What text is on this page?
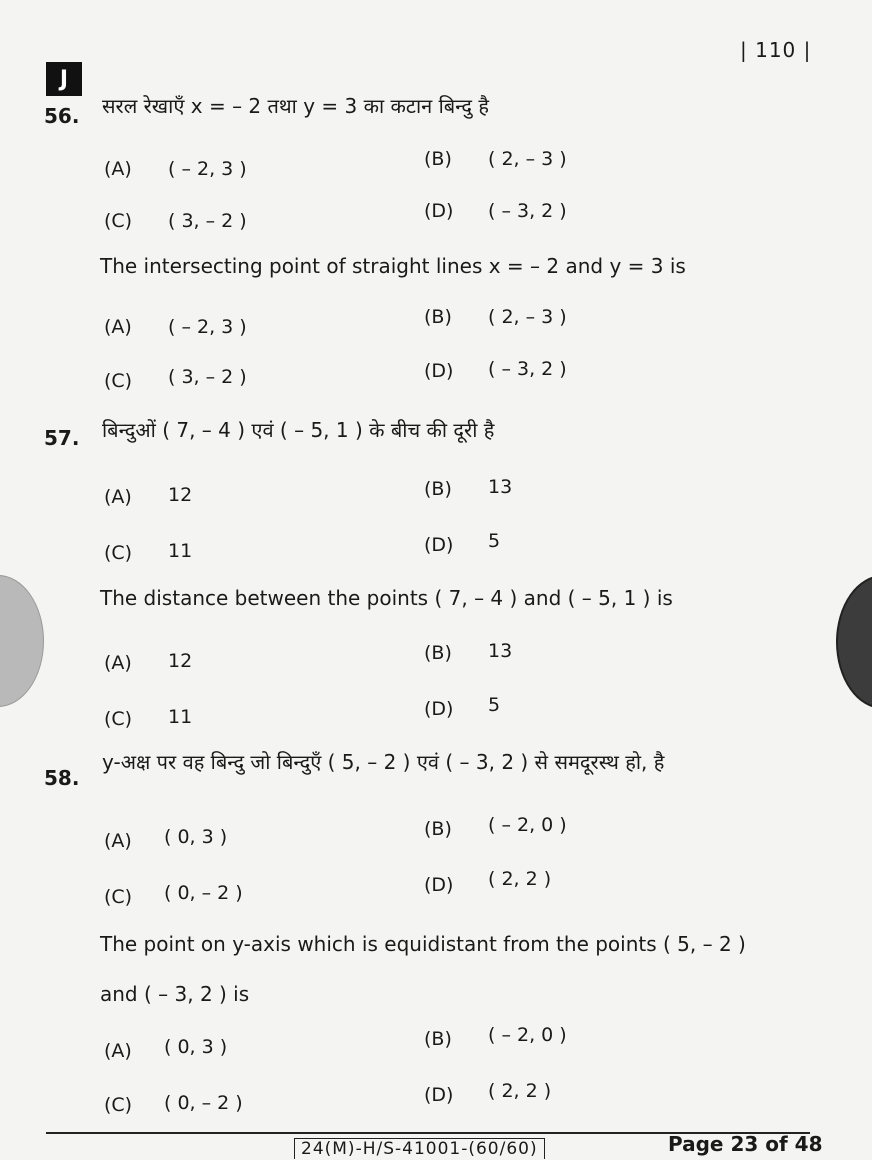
| 110 |
J
56. सरल रेखाएँ x = – 2 तथा y = 3 का कटान बिन्दु है
(A) ( – 2, 3 )	(B) ( 2, – 3 )
(C) ( 3, – 2 )	(D) ( – 3, 2 )
The intersecting point of straight lines x = – 2 and y = 3 is
(A) ( – 2, 3 )	(B) ( 2, – 3 )
(C) ( 3, – 2 )	(D) ( – 3, 2 )
57. बिन्दुओं ( 7, – 4 ) एवं ( – 5, 1 ) के बीच की दूरी है
(A) 12	(B) 13
(C) 11	(D) 5
The distance between the points ( 7, – 4 ) and ( – 5, 1 ) is
(A) 12	(B) 13
(C) 11	(D) 5
58.
y-अक्ष पर वह बिन्दु जो बिन्दुएँ ( 5, – 2 ) एवं ( – 3, 2 ) से समदूरस्थ हो, है
(A) ( 0, 3 )	(B) ( – 2, 0 )
(C) ( 0, – 2 )	(D) ( 2, 2 )
The point on y-axis which is equidistant from the points ( 5, – 2 )
and ( – 3, 2 ) is
(A) ( 0, 3 )	(B) ( – 2, 0 )
(C) ( 0, – 2 )	(D) ( 2, 2 )
24(M)-H/S-41001-(60/60)	Page 23 of 48
